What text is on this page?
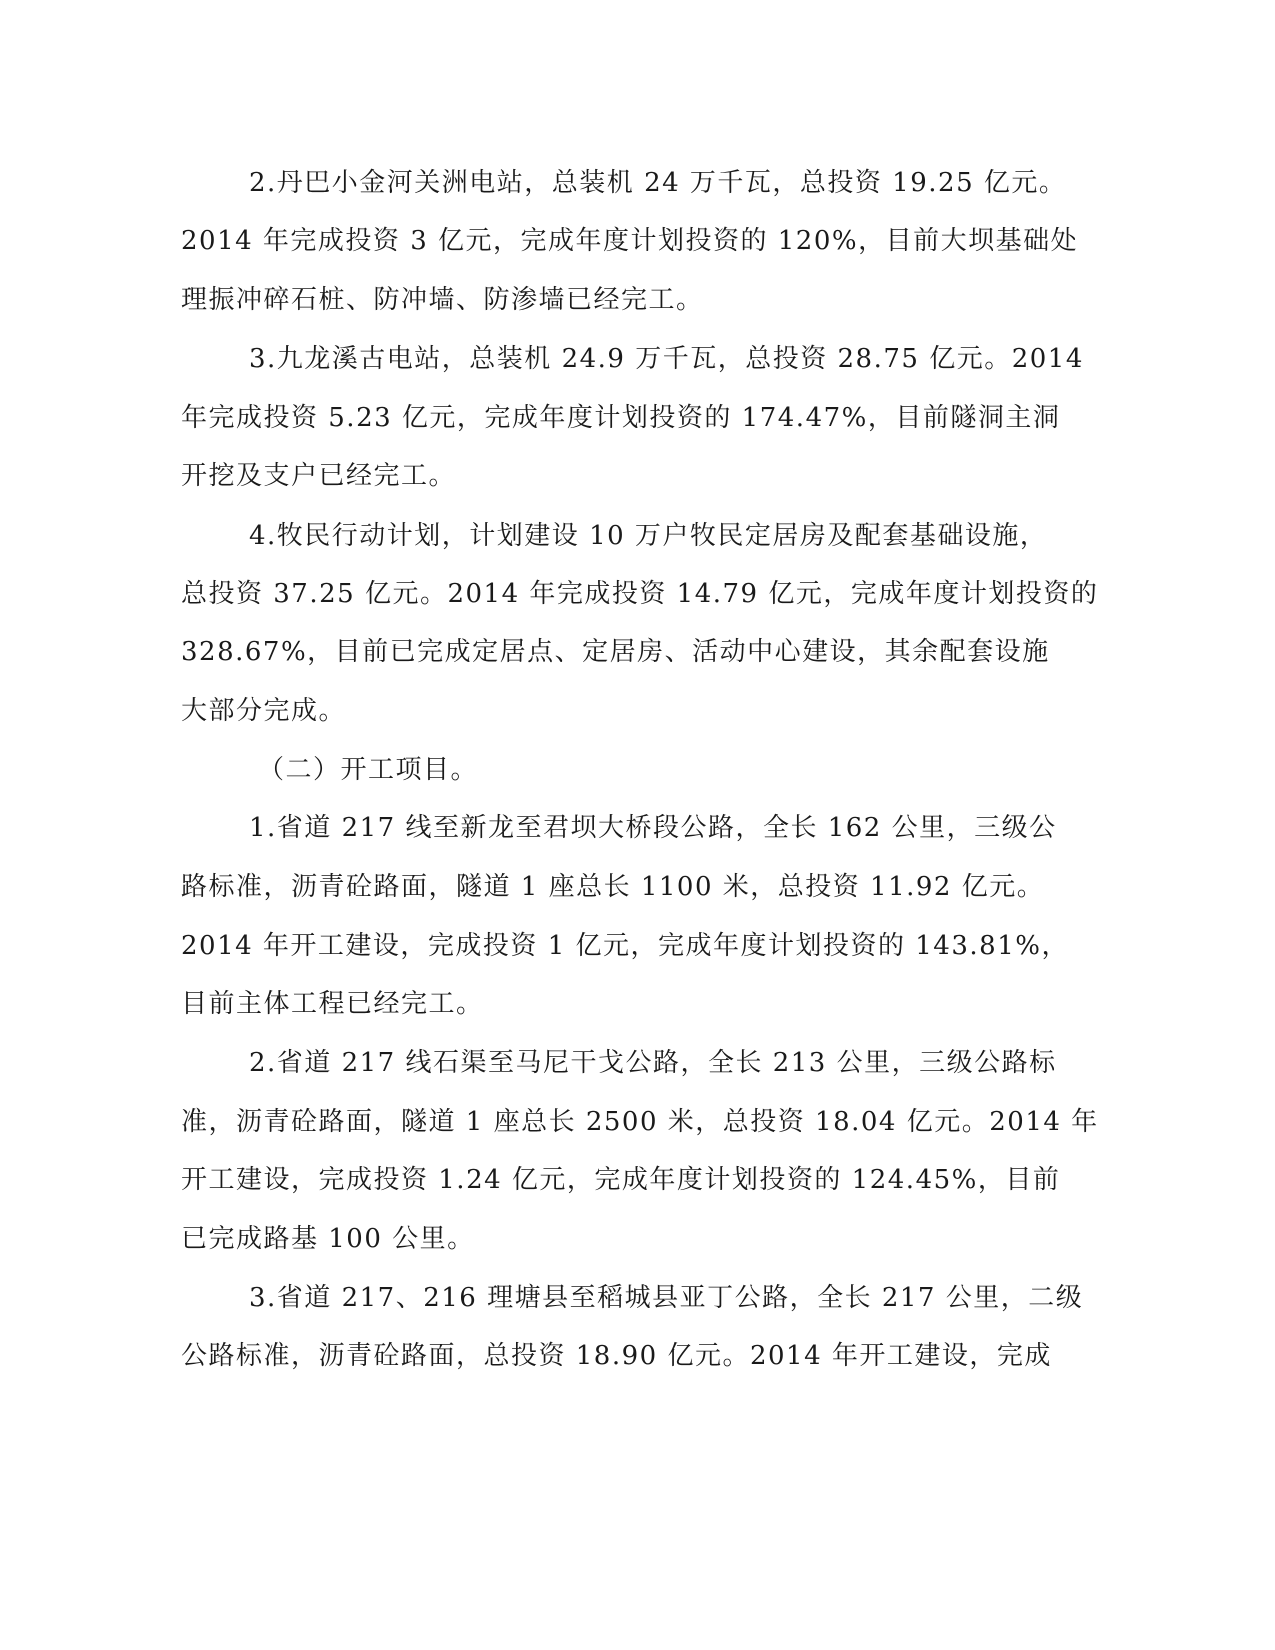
2.丹巴小金河关洲电站，总装机 24 万千瓦，总投资 19.25 亿元。
2014 年完成投资 3 亿元，完成年度计划投资的 120%，目前大坝基础处
理振冲碎石桩、防冲墙、防渗墙已经完工。
3.九龙溪古电站，总装机 24.9 万千瓦，总投资 28.75 亿元。2014
年完成投资 5.23 亿元，完成年度计划投资的 174.47%，目前隧洞主洞
开挖及支户已经完工。
4.牧民行动计划，计划建设 10 万户牧民定居房及配套基础设施，
总投资 37.25 亿元。2014 年完成投资 14.79 亿元，完成年度计划投资的
328.67%，目前已完成定居点、定居房、活动中心建设，其余配套设施
大部分完成。
（二）开工项目。
1.省道 217 线至新龙至君坝大桥段公路，全长 162 公里，三级公
路标准，沥青砼路面，隧道 1 座总长 1100 米，总投资 11.92 亿元。
2014 年开工建设，完成投资 1 亿元，完成年度计划投资的 143.81%，
目前主体工程已经完工。
2.省道 217 线石渠至马尼干戈公路，全长 213 公里，三级公路标
准，沥青砼路面，隧道 1 座总长 2500 米，总投资 18.04 亿元。2014 年
开工建设，完成投资 1.24 亿元，完成年度计划投资的 124.45%，目前
已完成路基 100 公里。
3.省道 217、216 理塘县至稻城县亚丁公路，全长 217 公里，二级
公路标准，沥青砼路面，总投资 18.90 亿元。2014 年开工建设，完成
